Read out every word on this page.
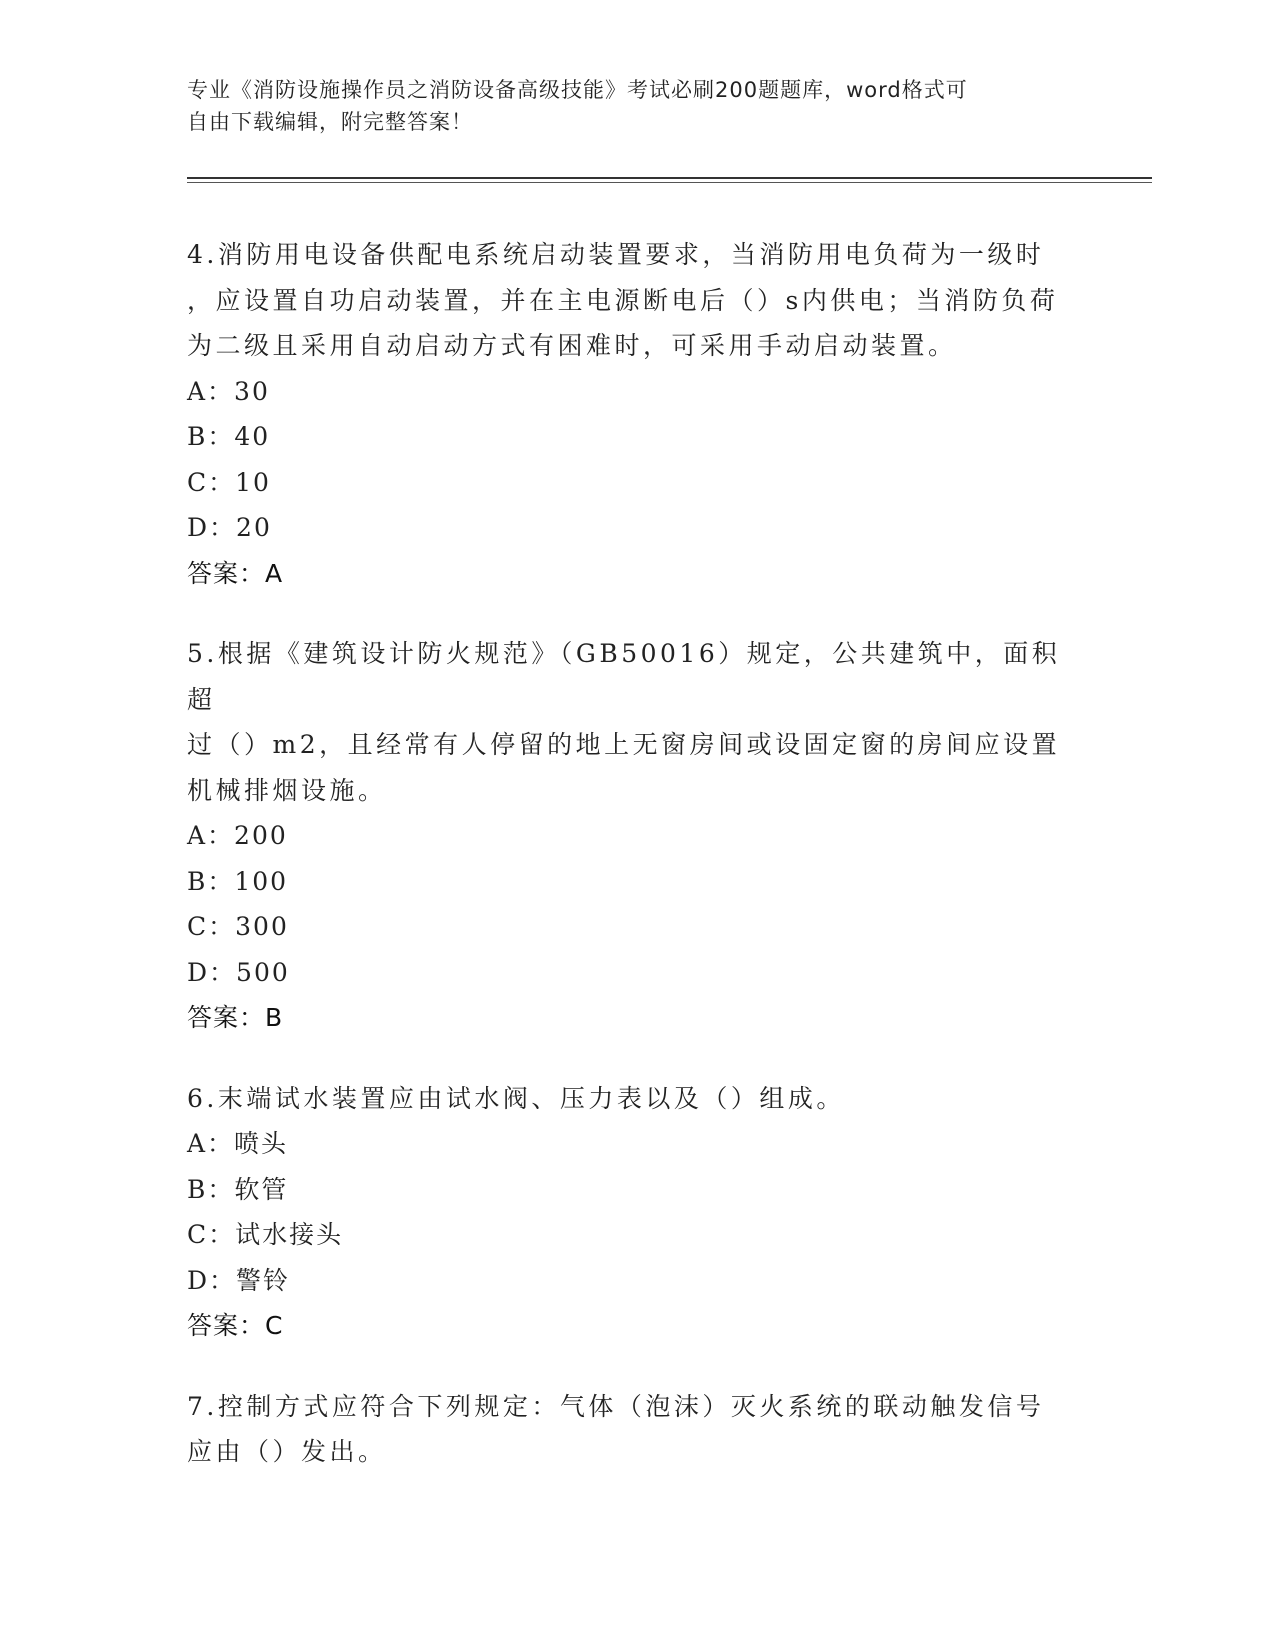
专业《消防设施操作员之消防设备高级技能》考试必刷200题题库，word格式可

自由下载编辑，附完整答案！

4.消防用电设备供配电系统启动装置要求，当消防用电负荷为一级时

，应设置自功启动装置，并在主电源断电后（）s内供电；当消防负荷

为二级且采用自动启动方式有困难时，可采用手动启动装置。

A：30

B：40

C：10

D：20

答案：A

5.根据《建筑设计防火规范》（GB50016）规定，公共建筑中，面积超

过（）m2，且经常有人停留的地上无窗房间或设固定窗的房间应设置

机械排烟设施。

A：200

B：100

C：300

D：500

答案：B

6.末端试水装置应由试水阀、压力表以及（）组成。

A：喷头

B：软管

C：试水接头

D：警铃

答案：C

7.控制方式应符合下列规定：气体（泡沫）灭火系统的联动触发信号

应由（）发出。
